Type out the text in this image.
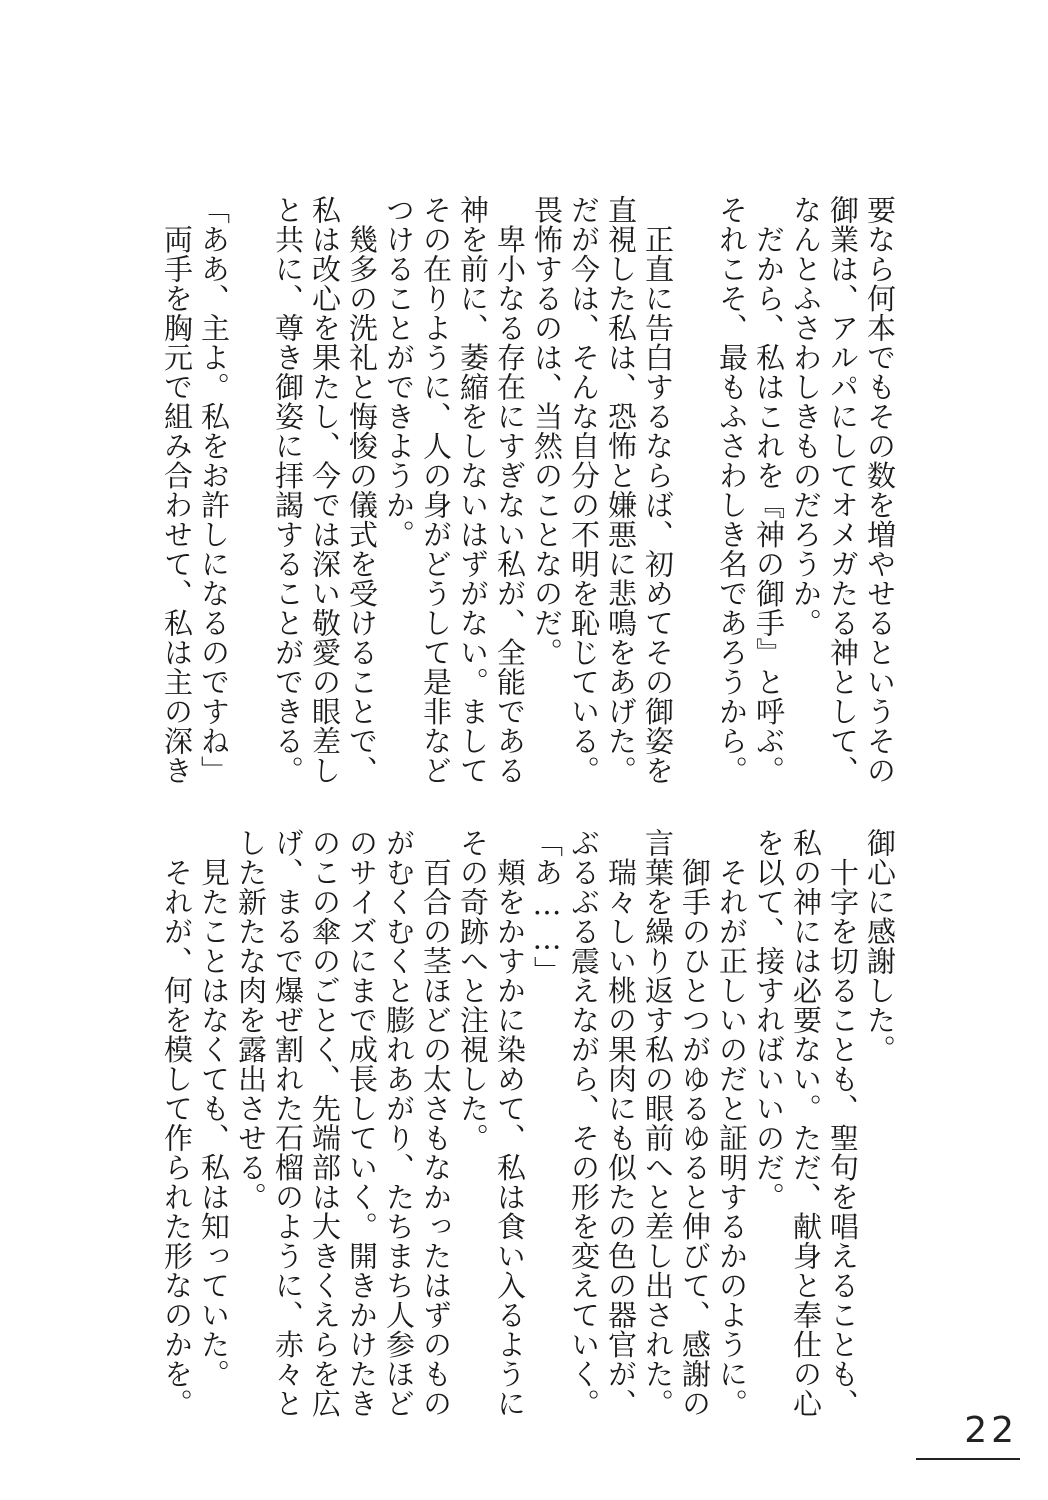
要なら何本でもその数を増やせるというその

御業は、アルパにしてオメガたる神として、

なんとふさわしきものだろうか。

　だから、私はこれを『神の御手』と呼ぶ。

それこそ、最もふさわしき名であろうから。

　正直に告白するならば、初めてその御姿を

直視した私は、恐怖と嫌悪に悲鳴をあげた。

だが今は、そんな自分の不明を恥じている。

畏怖するのは、当然のことなのだ。

　卑小なる存在にすぎない私が、全能である

神を前に、萎縮をしないはずがない。まして

その在りように、人の身がどうして是非など

つけることができようか。

　幾多の洗礼と悔悛の儀式を受けることで、

私は改心を果たし、今では深い敬愛の眼差し

と共に、尊き御姿に拝謁することができる。

「ああ、主よ。私をお許しになるのですね」

　両手を胸元で組み合わせて、私は主の深き

御心に感謝した。

　十字を切ることも、聖句を唱えることも、

私の神には必要ない。ただ、献身と奉仕の心

を以て、接すればいいのだ。

　それが正しいのだと証明するかのように。

　御手のひとつがゆるゆると伸びて、感謝の

言葉を繰り返す私の眼前へと差し出された。

　瑞々しい桃の果肉にも似たの色の器官が、

ぶるぶる震えながら、その形を変えていく。

「あ……」

　頬をかすかに染めて、私は食い入るように

その奇跡へと注視した。

　百合の茎ほどの太さもなかったはずのもの

がむくむくと膨れあがり、たちまち人参ほど

のサイズにまで成長していく。開きかけたき

のこの傘のごとく、先端部は大きくえらを広

げ、まるで爆ぜ割れた石榴のように、赤々と

した新たな肉を露出させる。

　見たことはなくても、私は知っていた。

　それが、何を模して作られた形なのかを。

22
